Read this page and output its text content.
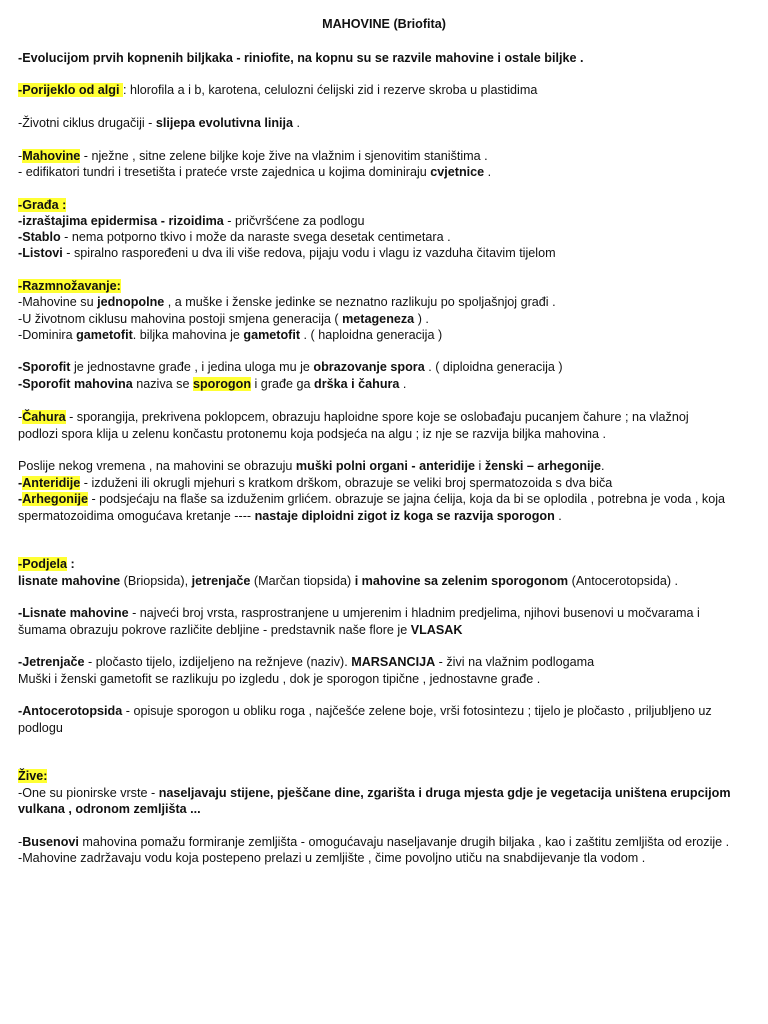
MAHOVINE (Briofita)
-Evolucijom prvih kopnenih biljkaka - riniofite, na kopnu su se razvile mahovine i ostale biljke .
-Porijeklo od algi : hlorofila a i b, karotena, celulozni ćelijski zid i rezerve skroba u plastidima
-Životni ciklus drugačiji - slijepa evolutivna linija .
-Mahovine - nježne , sitne zelene biljke koje žive na vlažnim i sjenovitim staništima .
- edifikatori tundri i tresetišta i prateće vrste zajednica u kojima dominiraju cvjetnice .
-Građa :
-izraštajima epidermisa - rizoidima - pričvršćene za podlogu
-Stablo - nema potporno tkivo i može da naraste svega desetak centimetara .
-Listovi - spiralno raspoređeni u dva ili više redova, pijaju vodu i vlagu iz vazduha čitavim tijelom
-Razmnožavanje:
-Mahovine su jednopolne , a muške i ženske jedinke se neznatno razlikuju po spoljašnjoj građi .
-U životnom ciklusu mahovina postoji smjena generacija ( metageneza ) .
-Dominira gametofit. biljka mahovina je gametofit . ( haploidna generacija )
-Sporofit je jednostavne građe , i jedina uloga mu je obrazovanje spora . ( diploidna generacija )
-Sporofit mahovina naziva se sporogon i građe ga drška i čahura .
-Čahura - sporangija, prekrivena poklopcem, obrazuju haploidne spore koje se oslobađaju pucanjem čahure ; na vlažnoj
podlozi spora klija u zelenu končastu protonemu koja podsjeća na algu ; iz nje se razvija biljka mahovina .
Poslije nekog vremena , na mahovini se obrazuju muški polni organi - anteridije i ženski – arhegonije.
-Anteridije - izduženi ili okrugli mjehuri s kratkom drškom, obrazuje se veliki broj spermatozoida s dva biča
-Arhegonije - podsjećaju na flaše sa izduženim grlićem. obrazuje se jajna ćelija, koja da bi se oplodila , potrebna je voda , koja
spermatozoidima omogućava kretanje ---- nastaje diploidni zigot iz koga se razvija sporogon .
-Podjela :
lisnate mahovine (Briopsida), jetrenjače (Marčan tiopsida) i mahovine sa zelenim sporogonom (Antocerotopsida) .
-Lisnate mahovine - najveći broj vrsta, rasprostranjene u umjerenim i hladnim predjelima, njihovi busenovi u močvarama i
šumama obrazuju pokrove različite debljine - predstavnik naše flore je VLASAK
-Jetrenjače - pločasto tijelo, izdijeljeno na režnjeve (naziv). MARSANCIJA - živi na vlažnim podlogama
Muški i ženski gametofit se razlikuju po izgledu , dok je sporogon tipične , jednostavne građe .
-Antocerotopsida - opisuje sporogon u obliku roga , najčešće zelene boje, vrši fotosintezu ; tijelo je pločasto , priljubljeno uz
podlogu
Žive:
-One su pionirske vrste - naseljavaju stijene, pješčane dine, zgarišta i druga mjesta gdje je vegetacija uništena erupcijom
vulkana , odronom zemljišta ...
-Busenovi mahovina pomažu formiranje zemljišta - omogućavaju naseljavanje drugih biljaka , kao i zaštitu zemljišta od erozije .
-Mahovine zadržavaju vodu koja postepeno prelazi u zemljište , čime povoljno utiču na snabdijevanje tla vodom .
